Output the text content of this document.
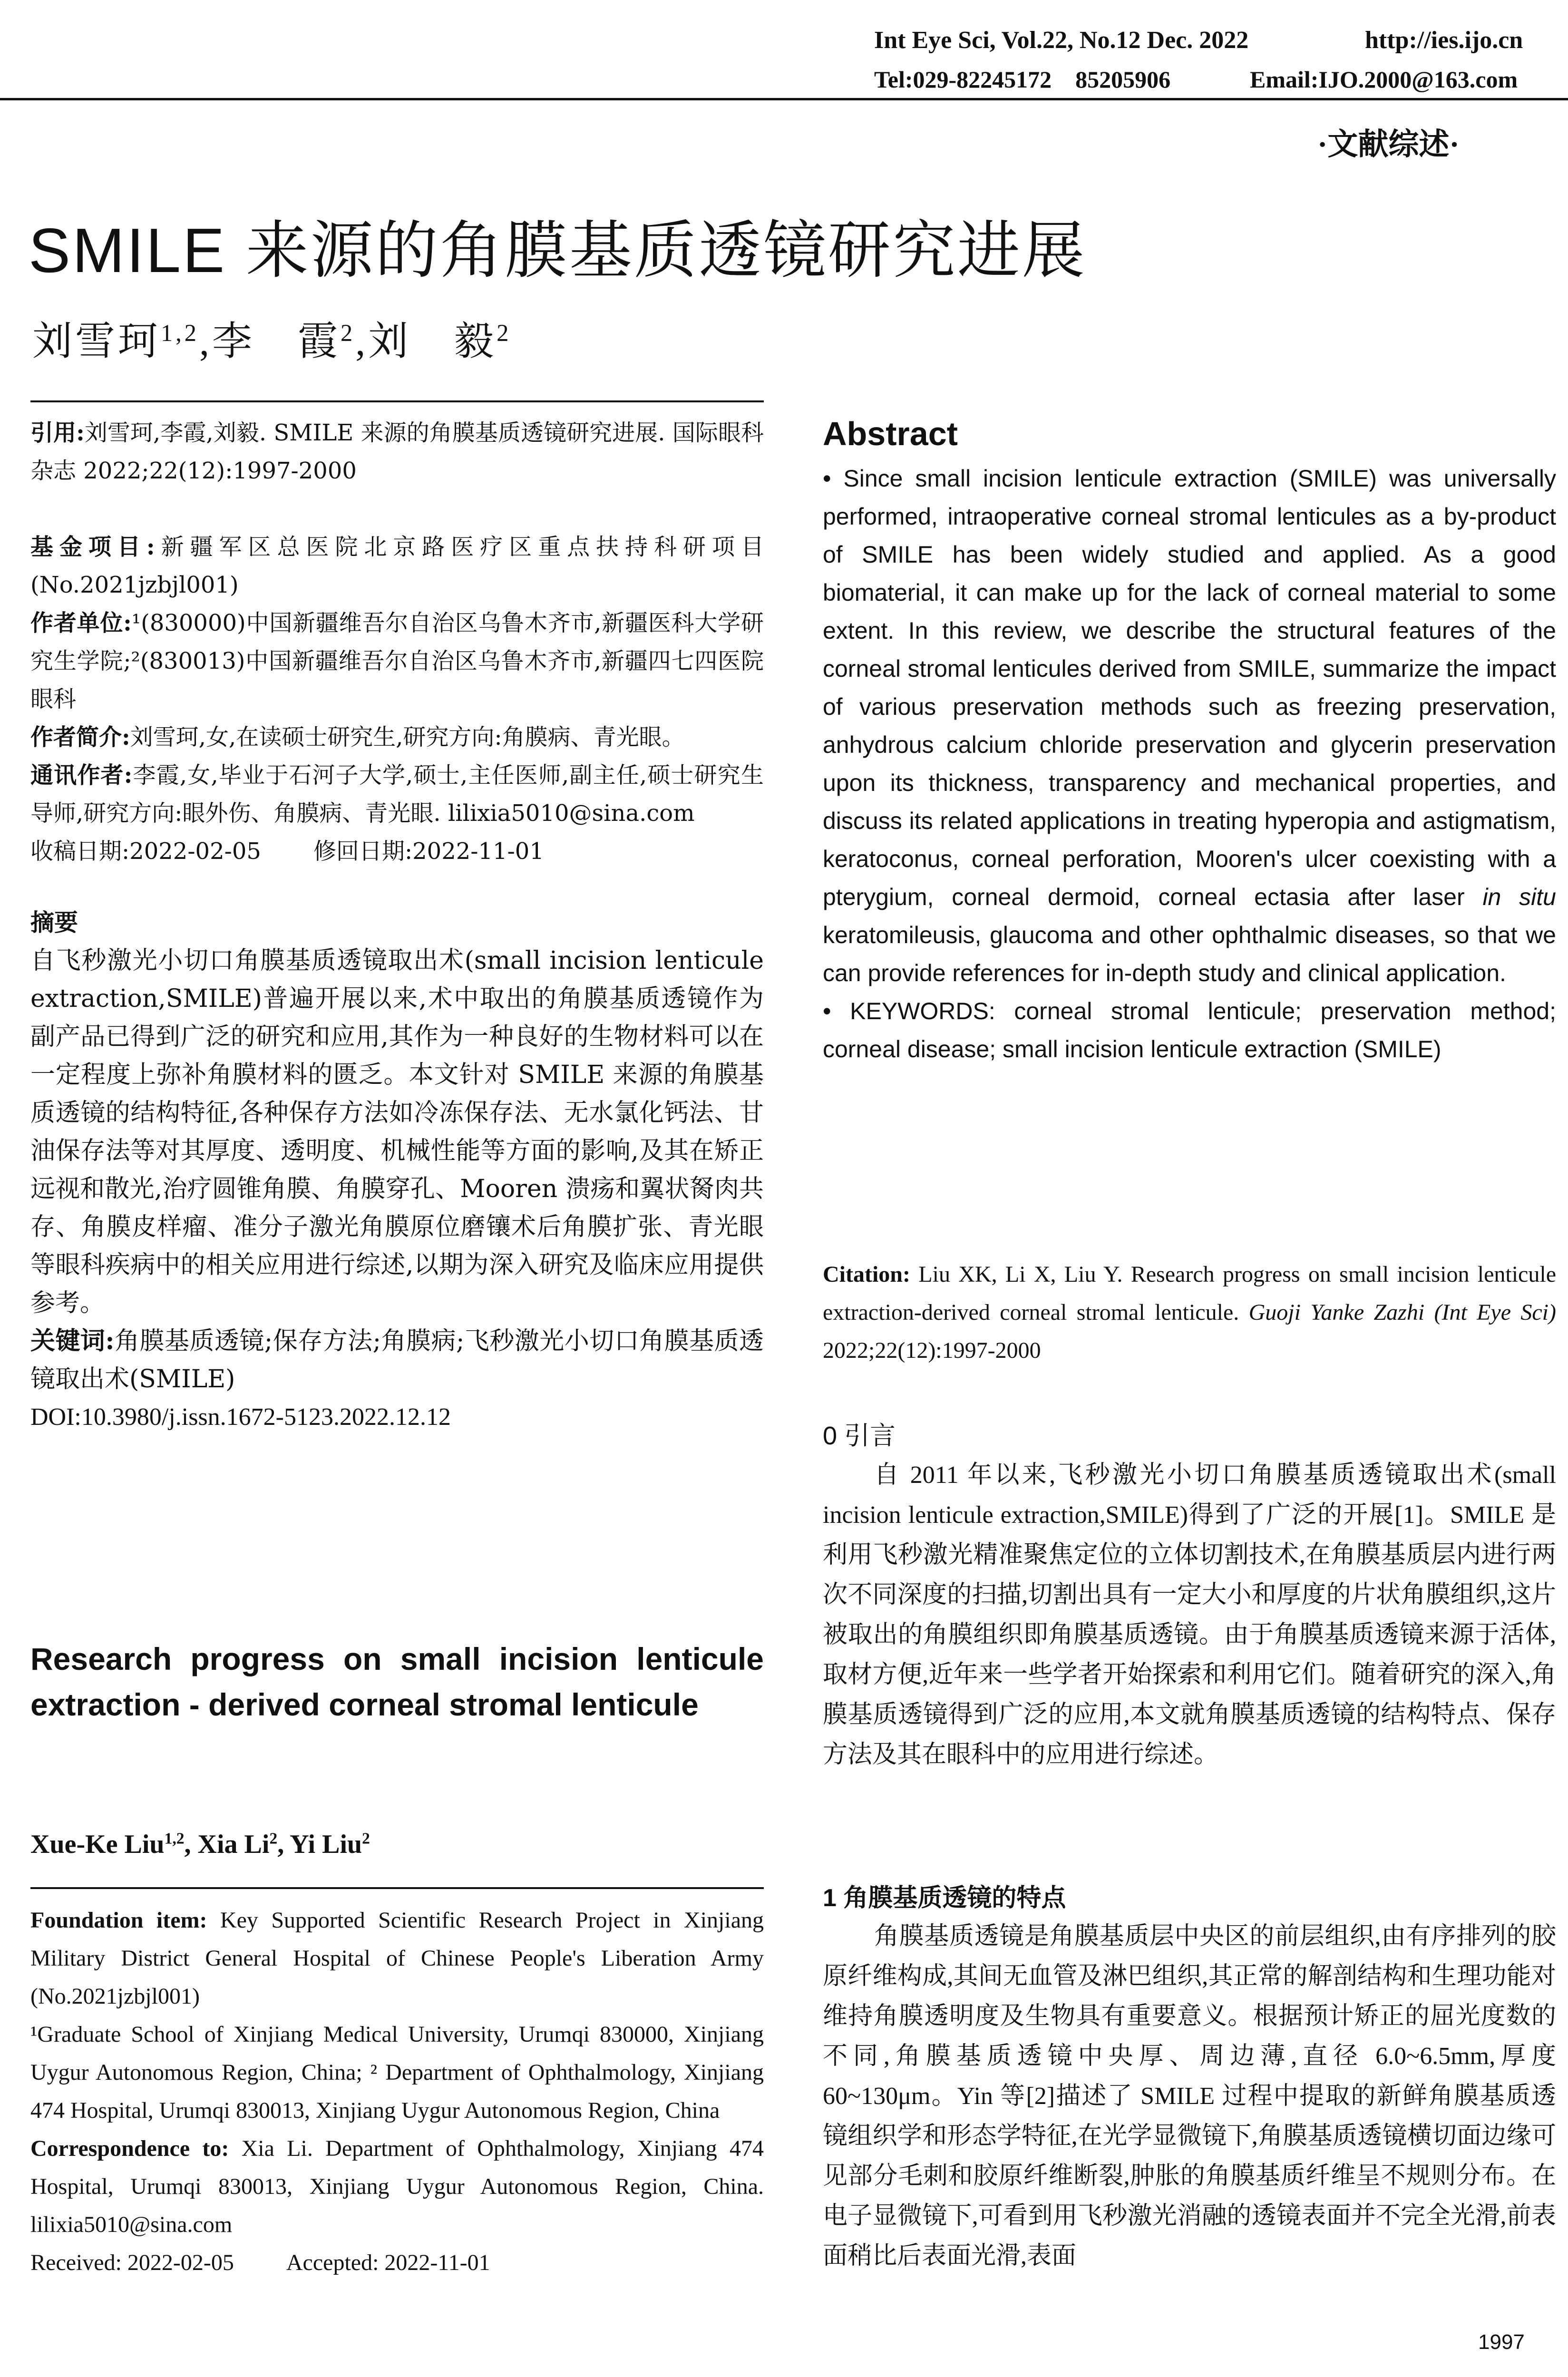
Int Eye Sci, Vol.22, No.12 Dec. 2022	http://ies.ijo.cn
Tel:029-82245172    85205906	Email:IJO.2000@163.com
·文献综述·
SMILE 来源的角膜基质透镜研究进展
刘雪珂$^{1,2}$,李　霞$^2$,刘　毅$^2$

引用:刘雪珂,李霞,刘毅. SMILE 来源的角膜基质透镜研究进展. 国际眼科杂志 2022;22(12):1997-2000

基金项目:新疆军区总医院北京路医疗区重点扶持科研项目(No.2021jzbjl001)

作者单位:¹(830000)中国新疆维吾尔自治区乌鲁木齐市,新疆医科大学研究生学院;²(830013)中国新疆维吾尔自治区乌鲁木齐市,新疆四七四医院眼科

作者简介:刘雪珂,女,在读硕士研究生,研究方向:角膜病、青光眼。

通讯作者:李霞,女,毕业于石河子大学,硕士,主任医师,副主任,硕士研究生导师,研究方向:眼外伤、角膜病、青光眼. lilixia5010@sina.com

收稿日期:2022-02-05 修回日期:2022-11-01

摘要

自飞秒激光小切口角膜基质透镜取出术(small incision lenticule extraction,SMILE)普遍开展以来,术中取出的角膜基质透镜作为副产品已得到广泛的研究和应用,其作为一种良好的生物材料可以在一定程度上弥补角膜材料的匮乏。本文针对 SMILE 来源的角膜基质透镜的结构特征,各种保存方法如冷冻保存法、无水氯化钙法、甘油保存法等对其厚度、透明度、机械性能等方面的影响,及其在矫正远视和散光,治疗圆锥角膜、角膜穿孔、Mooren 溃疡和翼状胬肉共存、角膜皮样瘤、准分子激光角膜原位磨镶术后角膜扩张、青光眼等眼科疾病中的相关应用进行综述,以期为深入研究及临床应用提供参考。

关键词:角膜基质透镜;保存方法;角膜病;飞秒激光小切口角膜基质透镜取出术(SMILE)

DOI:10.3980/j.issn.1672-5123.2022.12.12

Research progress on small incision lenticule extraction - derived corneal stromal lenticule
Xue-Ke Liu$^{1,2}$, Xia Li$^2$, Yi Liu$^2$

Foundation item: Key Supported Scientific Research Project in Xinjiang Military District General Hospital of Chinese People's Liberation Army (No.2021jzbjl001)

¹Graduate School of Xinjiang Medical University, Urumqi 830000, Xinjiang Uygur Autonomous Region, China; ² Department of Ophthalmology, Xinjiang 474 Hospital, Urumqi 830013, Xinjiang Uygur Autonomous Region, China

Correspondence to: Xia Li. Department of Ophthalmology, Xinjiang 474 Hospital, Urumqi 830013, Xinjiang Uygur Autonomous Region, China. lilixia5010@sina.com

Received: 2022-02-05 Accepted: 2022-11-01

Abstract

• Since small incision lenticule extraction (SMILE) was universally performed, intraoperative corneal stromal lenticules as a by-product of SMILE has been widely studied and applied. As a good biomaterial, it can make up for the lack of corneal material to some extent. In this review, we describe the structural features of the corneal stromal lenticules derived from SMILE, summarize the impact of various preservation methods such as freezing preservation, anhydrous calcium chloride preservation and glycerin preservation upon its thickness, transparency and mechanical properties, and discuss its related applications in treating hyperopia and astigmatism, keratoconus, corneal perforation, Mooren's ulcer coexisting with a pterygium, corneal dermoid, corneal ectasia after laser in situ keratomileusis, glaucoma and other ophthalmic diseases, so that we can provide references for in-depth study and clinical application.

• KEYWORDS: corneal stromal lenticule; preservation method; corneal disease; small incision lenticule extraction (SMILE)

Citation: Liu XK, Li X, Liu Y. Research progress on small incision lenticule extraction-derived corneal stromal lenticule. Guoji Yanke Zazhi (Int Eye Sci) 2022;22(12):1997-2000
0 引言
自 2011 年以来,飞秒激光小切口角膜基质透镜取出术(small incision lenticule extraction,SMILE)得到了广泛的开展[1]。SMILE 是利用飞秒激光精准聚焦定位的立体切割技术,在角膜基质层内进行两次不同深度的扫描,切割出具有一定大小和厚度的片状角膜组织,这片被取出的角膜组织即角膜基质透镜。由于角膜基质透镜来源于活体,取材方便,近年来一些学者开始探索和利用它们。随着研究的深入,角膜基质透镜得到广泛的应用,本文就角膜基质透镜的结构特点、保存方法及其在眼科中的应用进行综述。
1 角膜基质透镜的特点
角膜基质透镜是角膜基质层中央区的前层组织,由有序排列的胶原纤维构成,其间无血管及淋巴组织,其正常的解剖结构和生理功能对维持角膜透明度及生物具有重要意义。根据预计矫正的屈光度数的不同,角膜基质透镜中央厚、周边薄,直径 6.0~6.5mm,厚度 60~130μm。Yin 等[2]描述了 SMILE 过程中提取的新鲜角膜基质透镜组织学和形态学特征,在光学显微镜下,角膜基质透镜横切面边缘可见部分毛刺和胶原纤维断裂,肿胀的角膜基质纤维呈不规则分布。在电子显微镜下,可看到用飞秒激光消融的透镜表面并不完全光滑,前表面稍比后表面光滑,表面
1997
